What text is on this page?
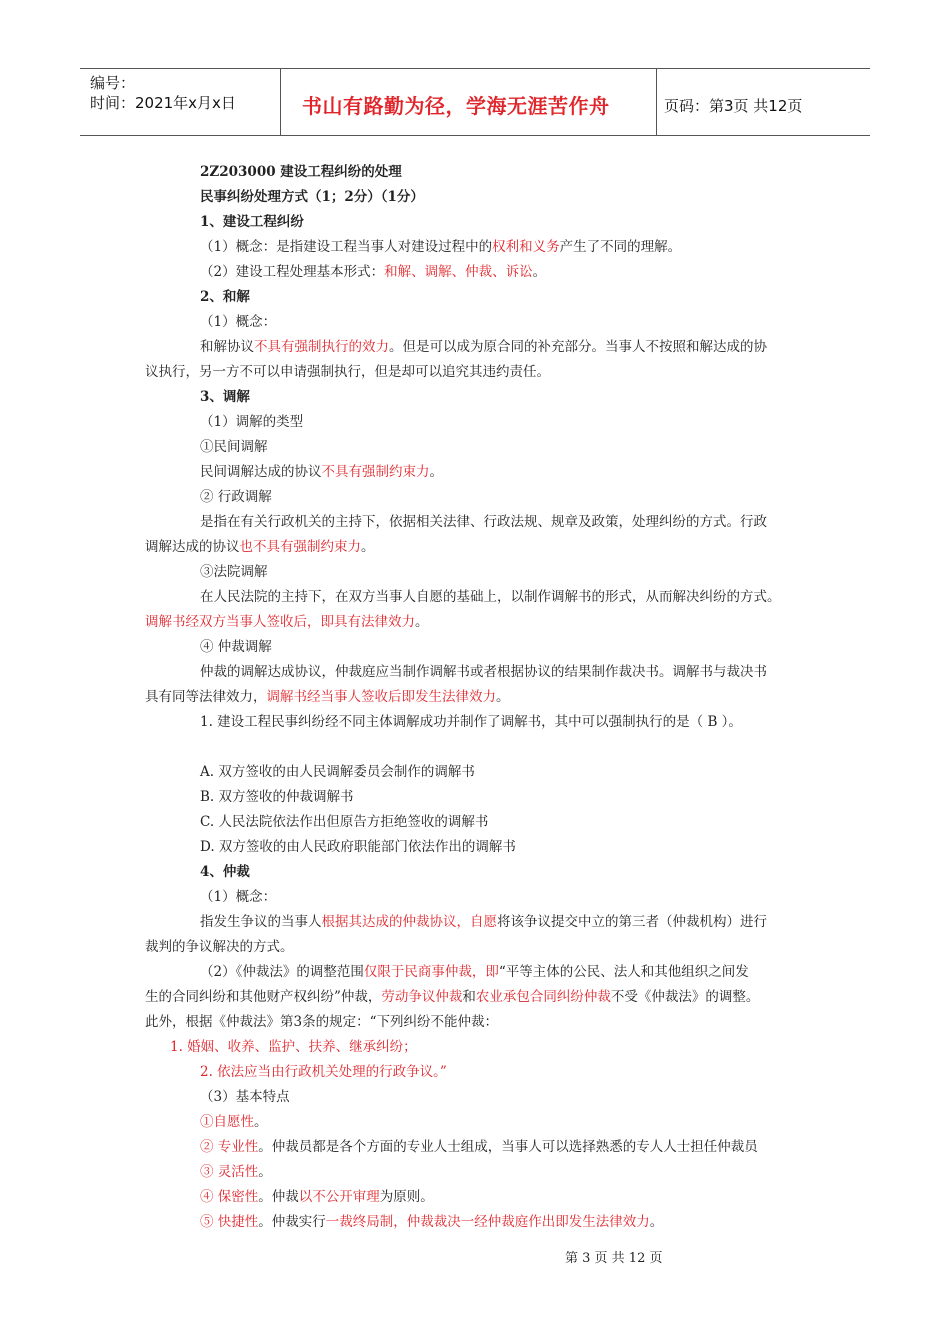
编号：
时间：2021年x月x日	书山有路勤为径，学海无涯苦作舟	页码：第3页 共12页
2Z203000 建设工程纠纷的处理
民事纠纷处理方式（1；2分）（1分）
1、建设工程纠纷
（1）概念：是指建设工程当事人对建设过程中的权利和义务产生了不同的理解。
（2）建设工程处理基本形式：和解、调解、仲裁、诉讼。
2、和解
（1）概念：
和解协议不具有强制执行的效力。但是可以成为原合同的补充部分。当事人不按照和解达成的协
议执行，另一方不可以申请强制执行，但是却可以追究其违约责任。
3、调解
（1）调解的类型
①民间调解
民间调解达成的协议不具有强制约束力。
② 行政调解
是指在有关行政机关的主持下，依据相关法律、行政法规、规章及政策，处理纠纷的方式。行政
调解达成的协议也不具有强制约束力。
③法院调解
在人民法院的主持下，在双方当事人自愿的基础上，以制作调解书的形式，从而解决纠纷的方式。
调解书经双方当事人签收后，即具有法律效力。
④ 仲裁调解
仲裁的调解达成协议，仲裁庭应当制作调解书或者根据协议的结果制作裁决书。调解书与裁决书
具有同等法律效力，调解书经当事人签收后即发生法律效力。
1. 建设工程民事纠纷经不同主体调解成功并制作了调解书，其中可以强制执行的是（ B ）。
A. 双方签收的由人民调解委员会制作的调解书
B. 双方签收的仲裁调解书
C. 人民法院依法作出但原告方拒绝签收的调解书
D. 双方签收的由人民政府职能部门依法作出的调解书
4、仲裁
（1）概念：
指发生争议的当事人根据其达成的仲裁协议，自愿将该争议提交中立的第三者（仲裁机构）进行
裁判的争议解决的方式。
（2）《仲裁法》的调整范围仅限于民商事仲裁，即“平等主体的公民、法人和其他组织之间发
生的合同纠纷和其他财产权纠纷”仲裁，劳动争议仲裁和农业承包合同纠纷仲裁不受《仲裁法》的调整。
此外，根据《仲裁法》第3条的规定：“下列纠纷不能仲裁：
1. 婚姻、收养、监护、扶养、继承纠纷；
2. 依法应当由行政机关处理的行政争议。”
（3）基本特点
①自愿性。
② 专业性。仲裁员都是各个方面的专业人士组成，当事人可以选择熟悉的专人人士担任仲裁员
③ 灵活性。
④ 保密性。仲裁以不公开审理为原则。
⑤ 快捷性。仲裁实行一裁终局制，仲裁裁决一经仲裁庭作出即发生法律效力。
第 3 页 共 12 页
